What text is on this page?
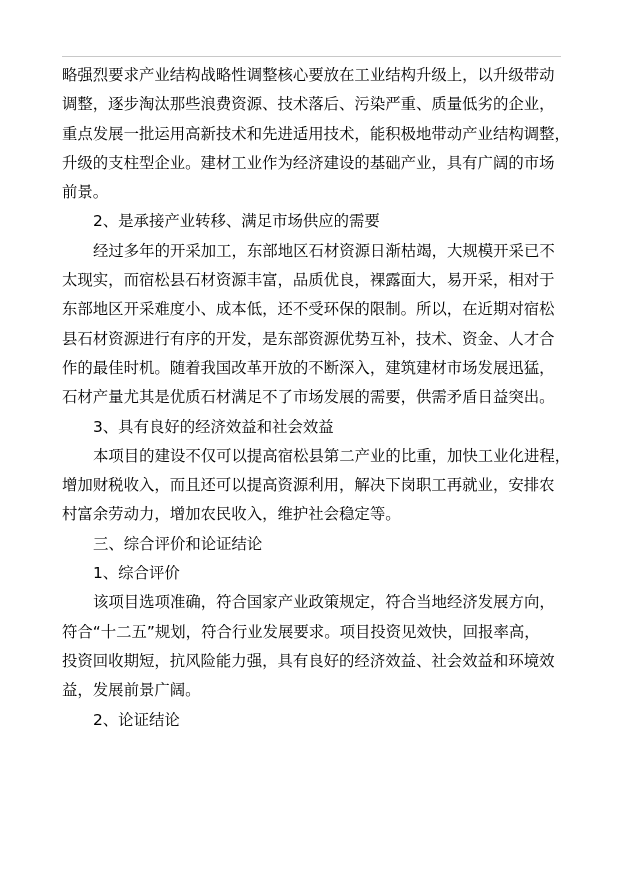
略强烈要求产业结构战略性调整核心要放在工业结构升级上，以升级带动
调整，逐步淘汰那些浪费资源、技术落后、污染严重、质量低劣的企业，
重点发展一批运用高新技术和先进适用技术，能积极地带动产业结构调整，
升级的支柱型企业。建材工业作为经济建设的基础产业，具有广阔的市场
前景。
2、是承接产业转移、满足市场供应的需要
经过多年的开采加工，东部地区石材资源日渐枯竭，大规模开采已不
太现实，而宿松县石材资源丰富，品质优良，裸露面大，易开采，相对于
东部地区开采难度小、成本低，还不受环保的限制。所以，在近期对宿松
县石材资源进行有序的开发，是东部资源优势互补，技术、资金、人才合
作的最佳时机。随着我国改革开放的不断深入，建筑建材市场发展迅猛，
石材产量尤其是优质石材满足不了市场发展的需要，供需矛盾日益突出。
3、具有良好的经济效益和社会效益
本项目的建设不仅可以提高宿松县第二产业的比重，加快工业化进程，
增加财税收入，而且还可以提高资源利用，解决下岗职工再就业，安排农
村富余劳动力，增加农民收入，维护社会稳定等。
三、综合评价和论证结论
1、综合评价
该项目选项准确，符合国家产业政策规定，符合当地经济发展方向，
符合“十二五”规划，符合行业发展要求。项目投资见效快，回报率高，
投资回收期短，抗风险能力强，具有良好的经济效益、社会效益和环境效
益，发展前景广阔。
2、论证结论
